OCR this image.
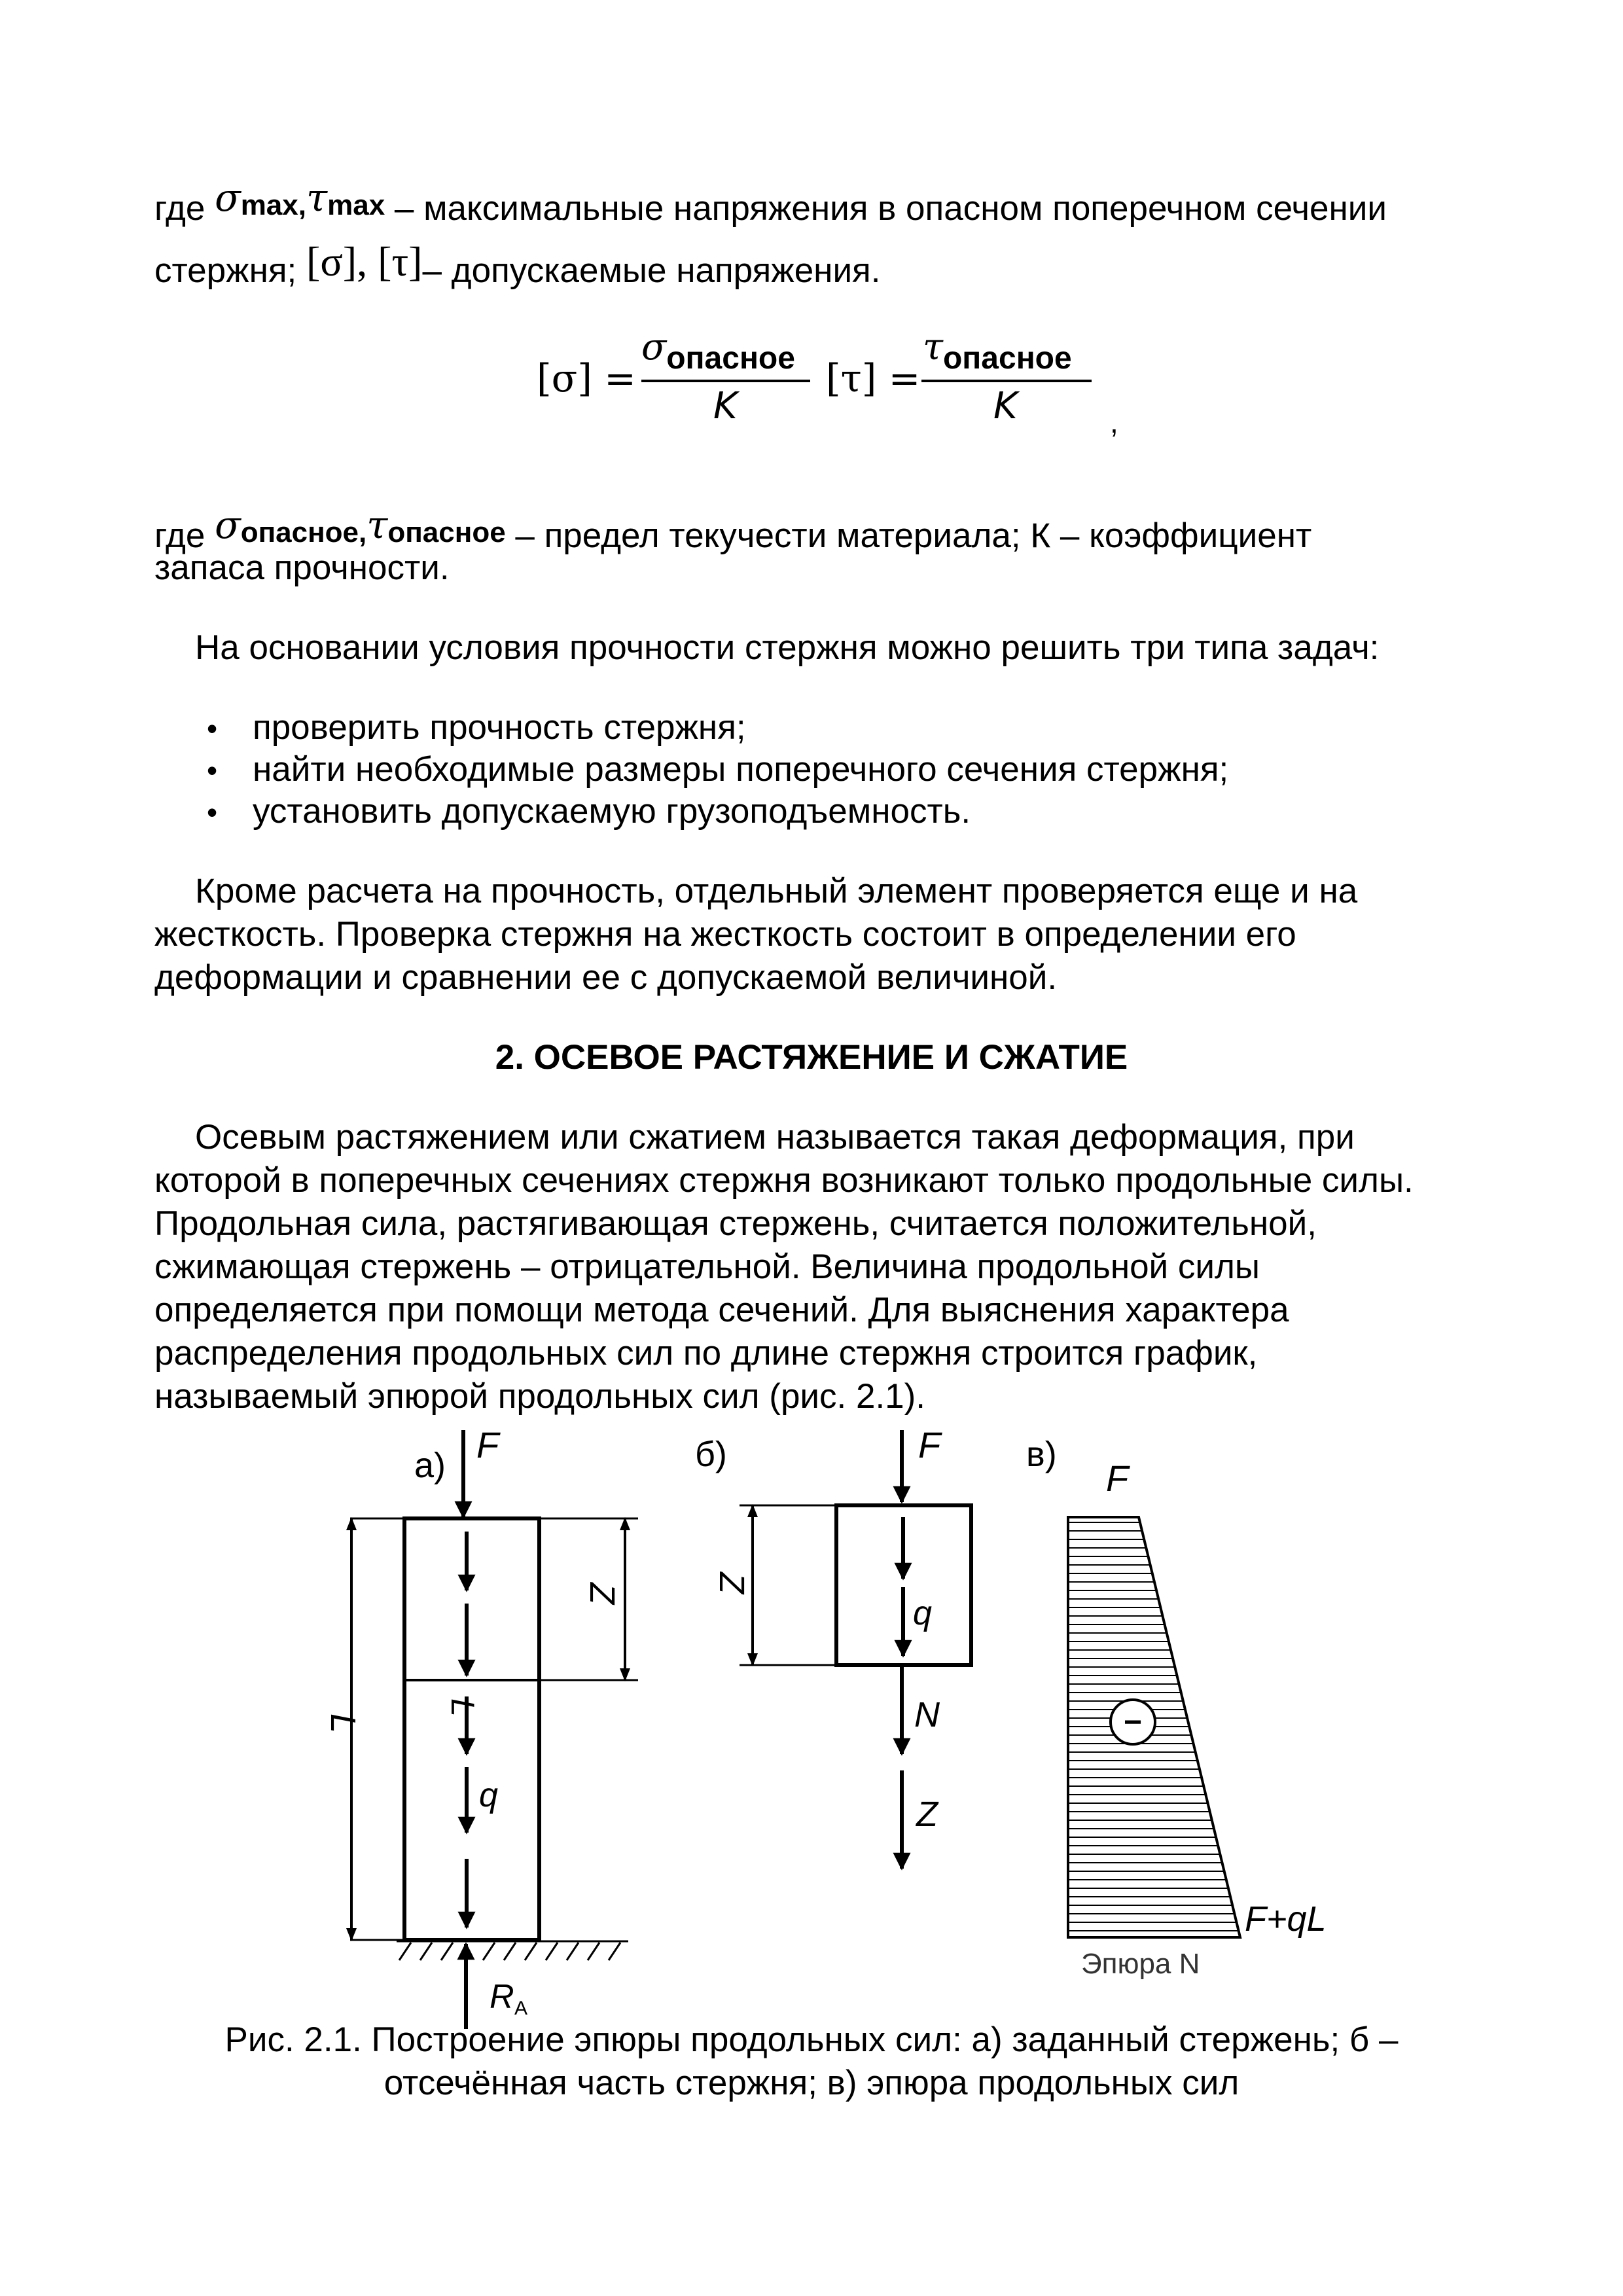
где σmax,τmax – максимальные напряжения в опасном поперечном сечении
стержня; [σ], [τ]– допускаемые напряжения.
[σ] =
σопасное
K
[τ] =
τопасное
K	,
где σопасное,τопасное – предел текучести материала; К – коэффициент
запаса прочности.
На основании условия прочности стержня можно решить три типа задач:
• проверить прочность стержня;
• найти необходимые размеры поперечного сечения стержня;
• установить допускаемую грузоподъемность.
Кроме расчета на прочность, отдельный элемент проверяется еще и на
жесткость. Проверка стержня на жесткость состоит в определении его
деформации и сравнении ее с допускаемой величиной.
2. ОСЕВОЕ РАСТЯЖЕНИЕ И СЖАТИЕ
Осевым растяжением или сжатием называется такая деформация, при
которой в поперечных сечениях стержня возникают только продольные силы.
Продольная сила, растягивающая стержень, считается положительной,
сжимающая стержень – отрицательной. Величина продольной силы
определяется при помощи метода сечений. Для выяснения характера
распределения продольных сил по длине стержня строится график,
называемый эпюрой продольных сил (рис. 2.1).
а) F
q
L
L
Z
R A
б)	F
q
N
Z
Z
в)
F
−
F+qL
Эпюра N
Рис. 2.1. Построение эпюры продольных сил: а) заданный стержень; б –
отсечённая часть стержня; в) эпюра продольных сил
